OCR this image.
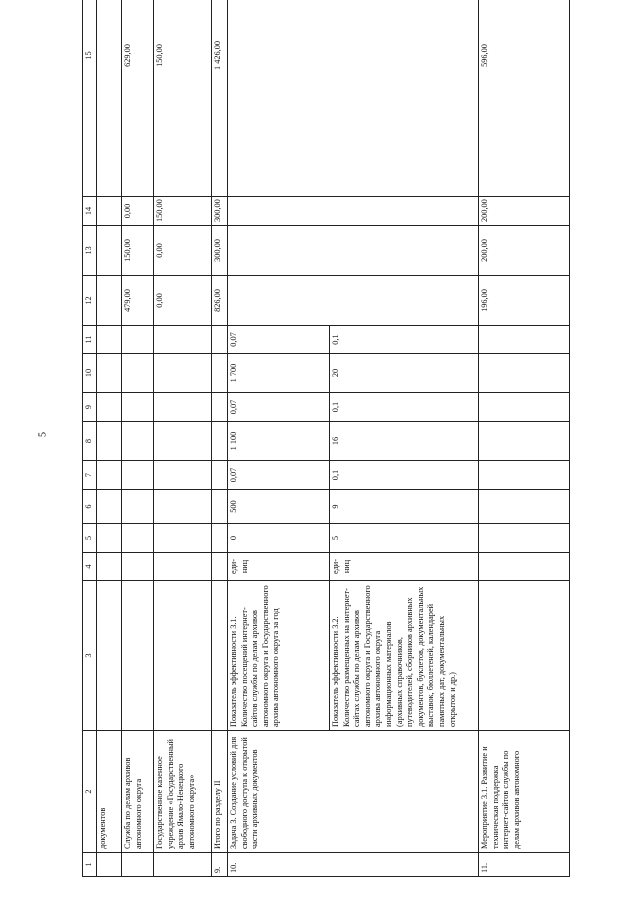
5
1	2	3	4	5	6	7	8	9	10	11	12	13	14	15
	документов													
	Служба по делам архивов автономного округа										479,00	150,00	0,00	629,00
	Государственное казенное учреждение «Государственный архив Ямало-Ненецкого автономного округа»										0,00	0,00	150,00	150,00
9.	Итого по разделу II										826,00	300,00	300,00	1 426,00
10.	Задача 3. Создание условий для свободного доступа к открытой части архивных документов	Показатель эффективности 3.1. Количество посещений интернет-сайтов службы по делам архивов автономного округа и Государственного архива автономного округа за год	еди-ниц	0	500	0,07	1 100	0,07	1 700	0,07				
		Показатель эффективности 3.2. Количество размещенных на интернет-сайтах службы по делам архивов автономного округа и Государственного архива автономного округа информационных материалов (архивных справочников, путеводителей, сборников архивных документов, буклетов, документальных выставок, бюллетеней, календарей памятных дат, документальных открыток и др.)	еди-ниц	5	9	0,1	16	0,1	20	0,1				
11.	Мероприятие 3.1. Развитие и техническая поддержка интернет-сайтов службы по делам архивов автономного										196,00	200,00	200,00	596,00
